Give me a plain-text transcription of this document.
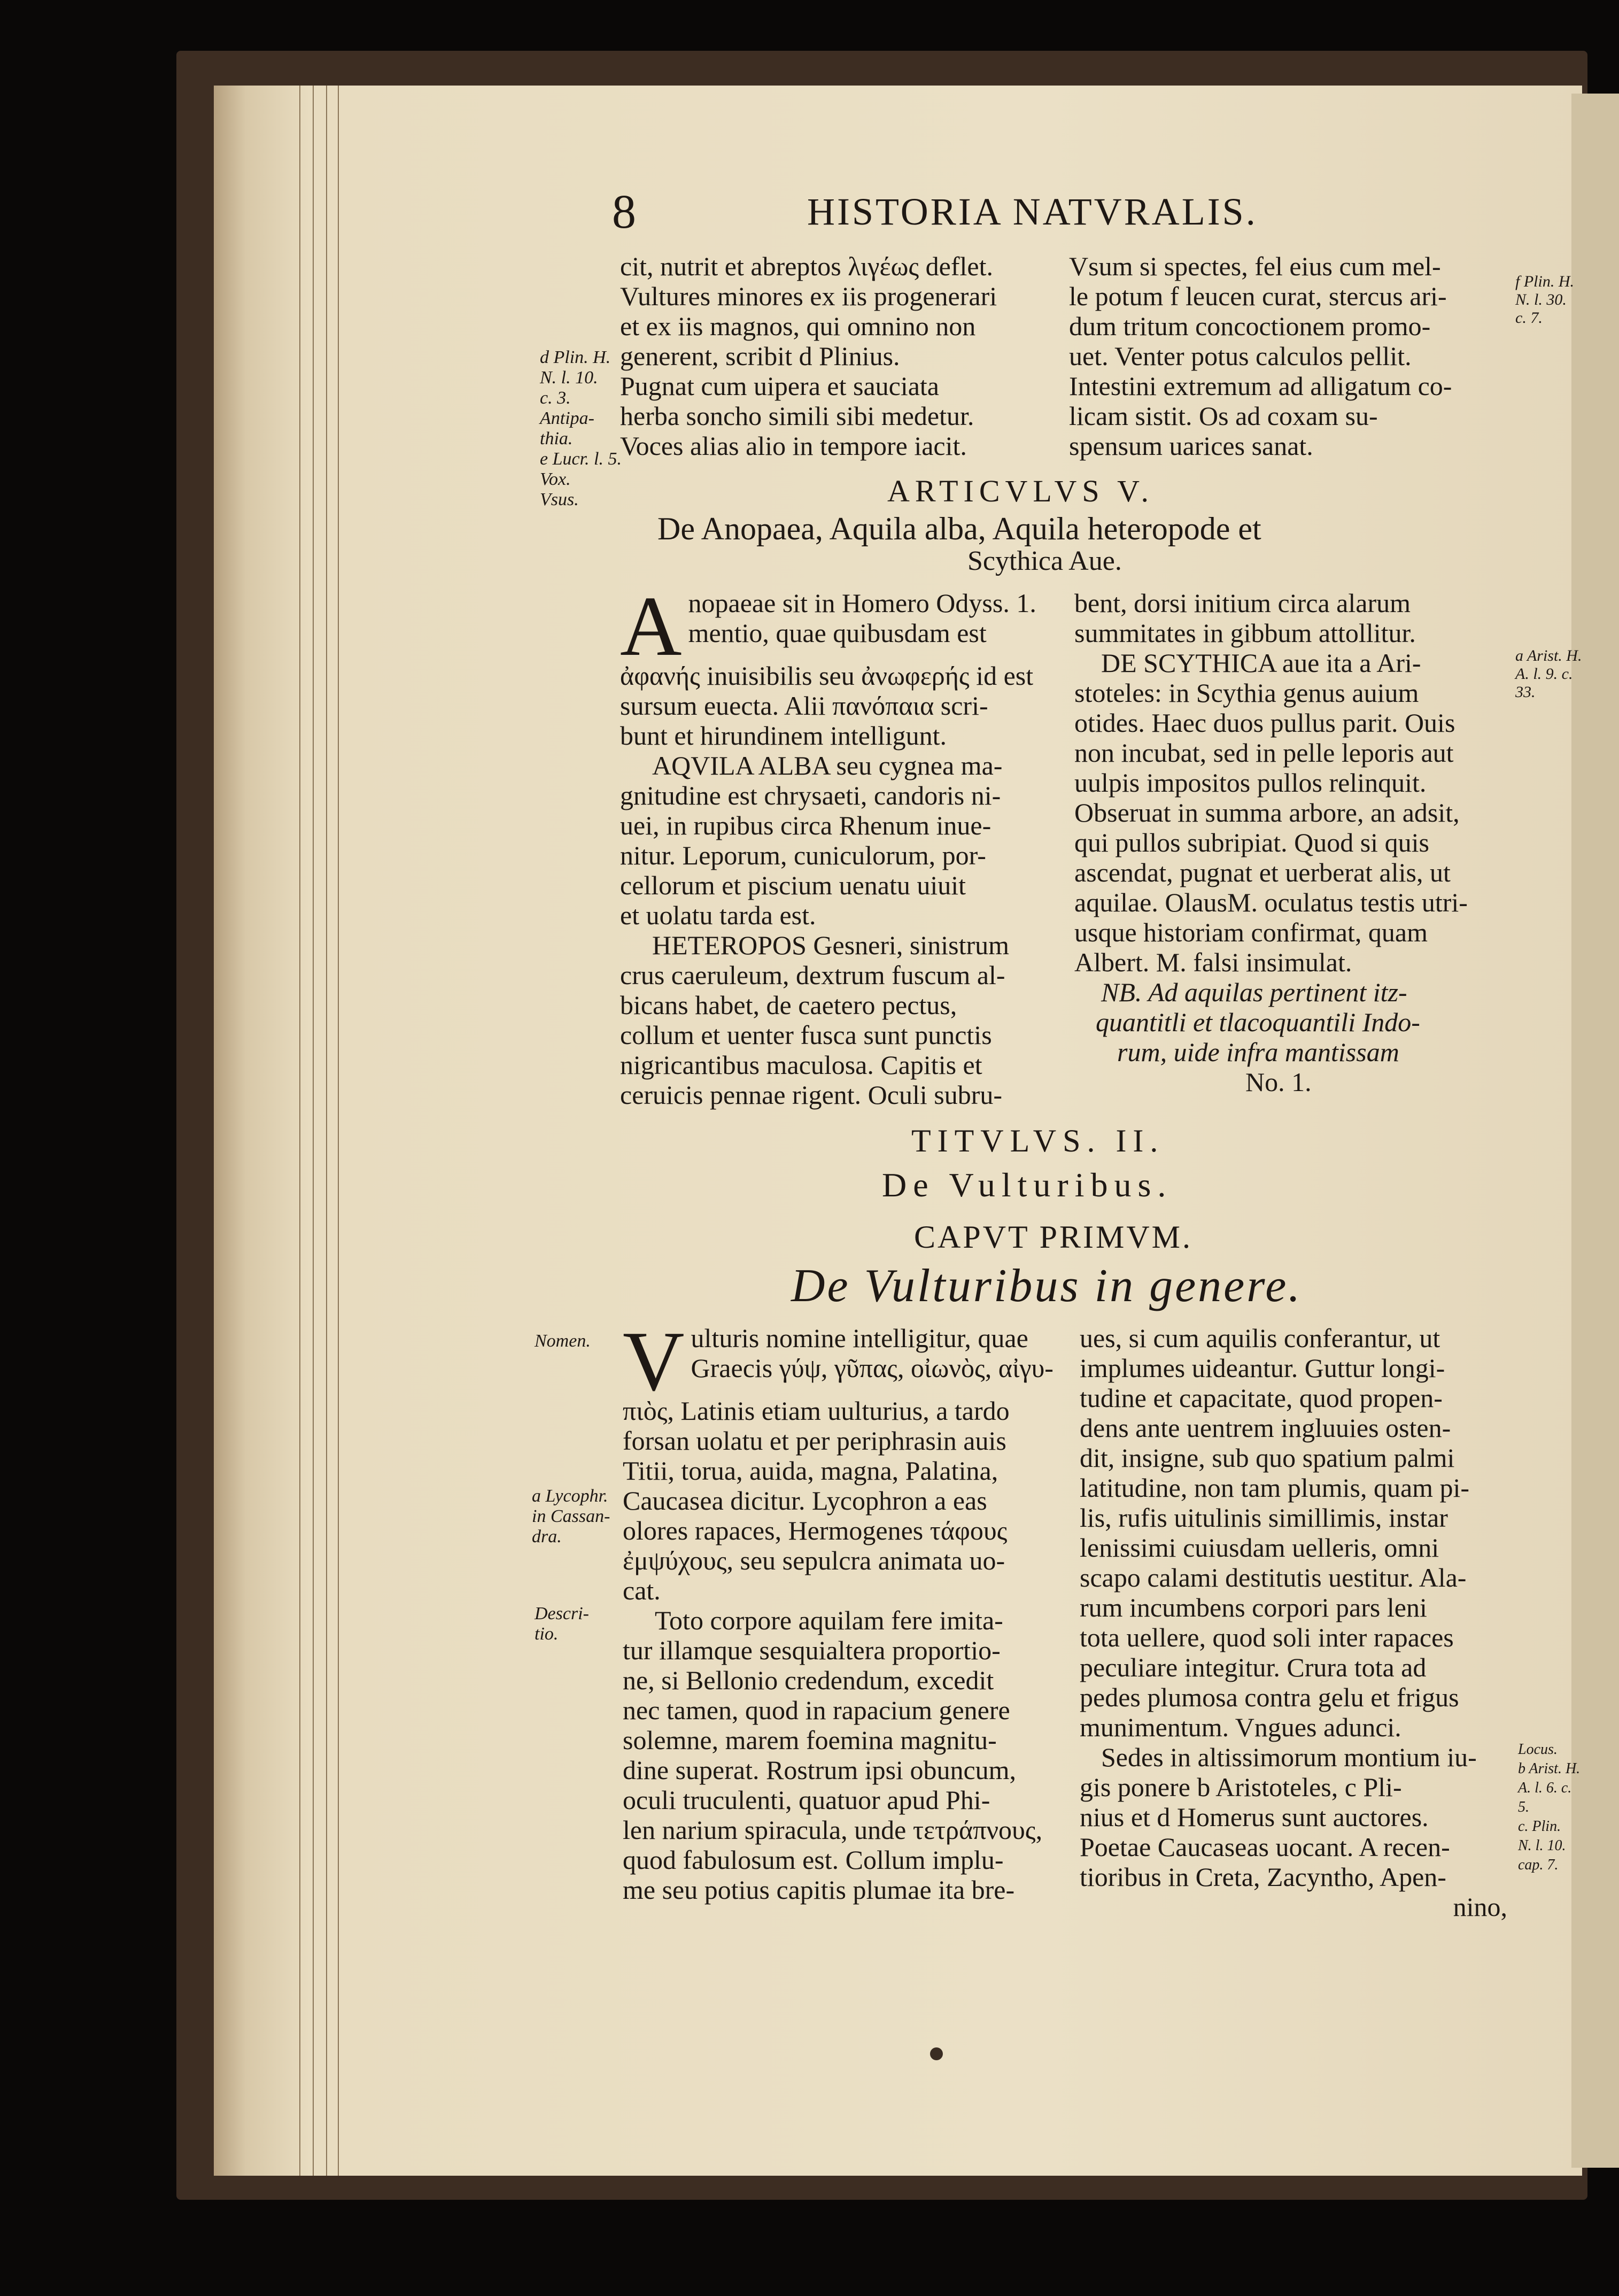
8	HISTORIA NATVRALIS.
cit, nutrit et abreptos λιγέως deflet.
Vultures minores ex iis progenerari
et ex iis magnos, qui omnino non
generent, scribit d Plinius.
Pugnat cum uipera et sauciata
herba soncho simili sibi medetur.
Voces alias alio in tempore iacit.
Vsum si spectes, fel eius cum mel-
le potum f leucen curat, stercus ari-
dum tritum concoctionem promo-
uet. Venter potus calculos pellit.
Intestini extremum ad alligatum co-
licam sistit. Os ad coxam su-
spensum uarices sanat.
d Plin. H.
N. l. 10.
c. 3.
Antipa-
thia.
e Lucr. l. 5.
Vox.
Vsus.
f Plin. H.
N. l. 30.
c. 7.
ARTICVLVS V.
De Anopaea, Aquila alba, Aquila heteropode et
Scythica Aue.
A nopaeae sit in Homero Odyss. 1.
mentio, quae quibusdam est
ἀφανής inuisibilis seu ἀνωφερής id est
sursum euecta. Alii πανόπαια scri-
bunt et hirundinem intelligunt.
AQVILA ALBA seu cygnea ma-
gnitudine est chrysaeti, candoris ni-
uei, in rupibus circa Rhenum inue-
nitur. Leporum, cuniculorum, por-
cellorum et piscium uenatu uiuit
et uolatu tarda est.
HETEROPOS Gesneri, sinistrum
crus caeruleum, dextrum fuscum al-
bicans habet, de caetero pectus,
collum et uenter fusca sunt punctis
nigricantibus maculosa. Capitis et
ceruicis pennae rigent. Oculi subru-
bent, dorsi initium circa alarum
summitates in gibbum attollitur.
DE SCYTHICA aue ita a Ari-
stoteles: in Scythia genus auium
otides. Haec duos pullus parit. Ouis
non incubat, sed in pelle leporis aut
uulpis impositos pullos relinquit.
Obseruat in summa arbore, an adsit,
qui pullos subripiat. Quod si quis
ascendat, pugnat et uerberat alis, ut
aquilae. OlausM. oculatus testis utri-
usque historiam confirmat, quam
Albert. M. falsi insimulat.
NB. Ad aquilas pertinent itz-
quantitli et tlacoquantili Indo-
rum, uide infra mantissam
No. 1.
a Arist. H.
A. l. 9. c.
33.
TITVLVS. II.
De Vulturibus.
CAPVT PRIMVM.
De Vulturibus in genere.
V ulturis nomine intelligitur, quae
Graecis γύψ, γῦπας, οἰωνὸς, αἰγυ-
πιὸς, Latinis etiam uulturius, a tardo
forsan uolatu et per periphrasin auis
Titii, torua, auida, magna, Palatina,
Caucasea dicitur. Lycophron a eas
olores rapaces, Hermogenes τάφους
ἐμψύχους, seu sepulcra animata uo-
cat.
Toto corpore aquilam fere imita-
tur illamque sesquialtera proportio-
ne, si Bellonio credendum, excedit
nec tamen, quod in rapacium genere
solemne, marem foemina magnitu-
dine superat. Rostrum ipsi obuncum,
oculi truculenti, quatuor apud Phi-
len narium spiracula, unde τετράπνους,
quod fabulosum est. Collum implu-
me seu potius capitis plumae ita bre-
ues, si cum aquilis conferantur, ut
implumes uideantur. Guttur longi-
tudine et capacitate, quod propen-
dens ante uentrem ingluuies osten-
dit, insigne, sub quo spatium palmi
latitudine, non tam plumis, quam pi-
lis, rufis uitulinis simillimis, instar
lenissimi cuiusdam uelleris, omni
scapo calami destitutis uestitur. Ala-
rum incumbens corpori pars leni
tota uellere, quod soli inter rapaces
peculiare integitur. Crura tota ad
pedes plumosa contra gelu et frigus
munimentum. Vngues adunci.
Sedes in altissimorum montium iu-
gis ponere b Aristoteles, c Pli-
nius et d Homerus sunt auctores.
Poetae Caucaseas uocant. A recen-
tioribus in Creta, Zacyntho, Apen-
nino,
Nomen.
a Lycophr.
in Cassan-
dra.
Descri-
tio.
Locus.
b Arist. H.
A. l. 6. c.
5.
c. Plin.
N. l. 10.
cap. 7.
